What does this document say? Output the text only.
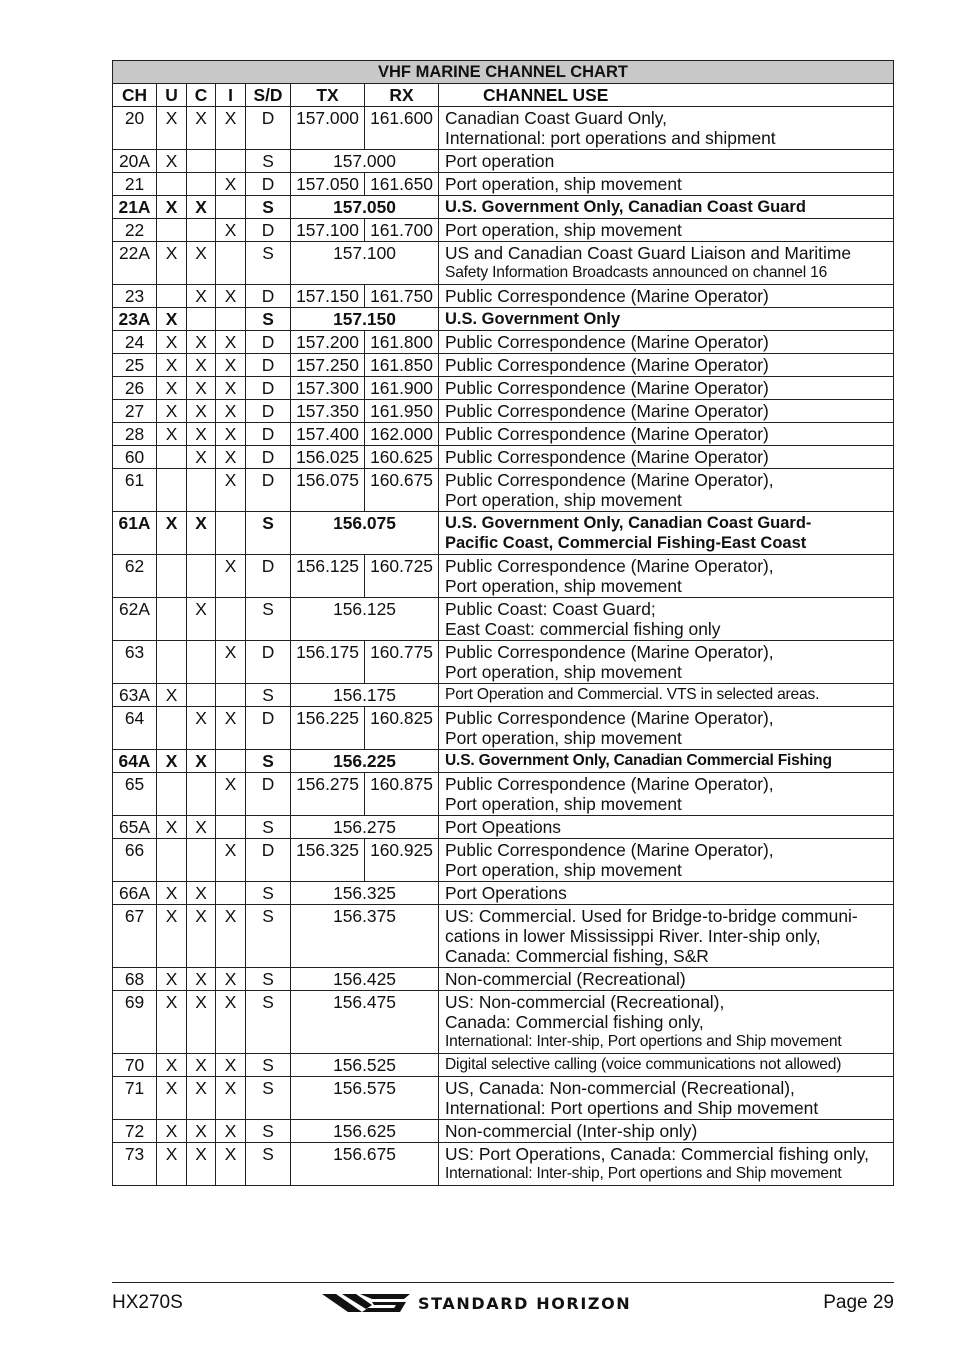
VHF MARINE CHANNEL CHART							
CH	U	C	I	S/D	TX	RX	CHANNEL USE
20	X	X	X	D	157.000	161.600	Canadian Coast Guard Only,
International: port operations and shipment

20A	X			S	157.000		Port operation

21			X	D	157.050	161.650	Port operation, ship movement

21A	X	X		S	157.050		U.S. Government Only, Canadian Coast Guard

22			X	D	157.100	161.700	Port operation, ship movement

22A	X	X		S	157.100		US and Canadian Coast Guard Liaison and Maritime
Safety Information Broadcasts announced on channel 16

23		X	X	D	157.150	161.750	Public Correspondence (Marine Operator)

23A	X			S	157.150		U.S. Government Only

24	X	X	X	D	157.200	161.800	Public Correspondence (Marine Operator)

25	X	X	X	D	157.250	161.850	Public Correspondence (Marine Operator)

26	X	X	X	D	157.300	161.900	Public Correspondence (Marine Operator)

27	X	X	X	D	157.350	161.950	Public Correspondence (Marine Operator)

28	X	X	X	D	157.400	162.000	Public Correspondence (Marine Operator)

60		X	X	D	156.025	160.625	Public Correspondence (Marine Operator)

61			X	D	156.075	160.675	Public Correspondence (Marine Operator),
Port operation, ship movement

61A	X	X		S	156.075		U.S. Government Only, Canadian Coast Guard-
Pacific Coast, Commercial Fishing-East Coast

62			X	D	156.125	160.725	Public Correspondence (Marine Operator),
Port operation, ship movement

62A		X		S	156.125		Public Coast: Coast Guard;
East Coast: commercial fishing only

63			X	D	156.175	160.775	Public Correspondence (Marine Operator),
Port operation, ship movement

63A	X			S	156.175		Port Operation and Commercial. VTS in selected areas.

64		X	X	D	156.225	160.825	Public Correspondence (Marine Operator),
Port operation, ship movement

64A	X	X		S	156.225		U.S. Government Only, Canadian Commercial Fishing

65			X	D	156.275	160.875	Public Correspondence (Marine Operator),
Port operation, ship movement

65A	X	X		S	156.275		Port Opeations

66			X	D	156.325	160.925	Public Correspondence (Marine Operator),
Port operation, ship movement

66A	X	X		S	156.325		Port Operations

67	X	X	X	S	156.375		US: Commercial. Used for Bridge-to-bridge communi-
cations in lower Mississippi River. Inter-ship only,
Canada: Commercial fishing, S&R

68	X	X	X	S	156.425		Non-commercial (Recreational)

69	X	X	X	S	156.475		US: Non-commercial (Recreational),
Canada: Commercial fishing only,
International: Inter-ship, Port opertions and Ship movement

70	X	X	X	S	156.525		Digital selective calling (voice communications not allowed)

71	X	X	X	S	156.575		US, Canada: Non-commercial (Recreational),
International: Port opertions and Ship movement

72	X	X	X	S	156.625		Non-commercial (Inter-ship only)

73	X	X	X	S	156.675		US: Port Operations, Canada: Commercial fishing only,
International: Inter-ship, Port opertions and Ship movement
HX270S	STANDARD HORIZON	Page 29
